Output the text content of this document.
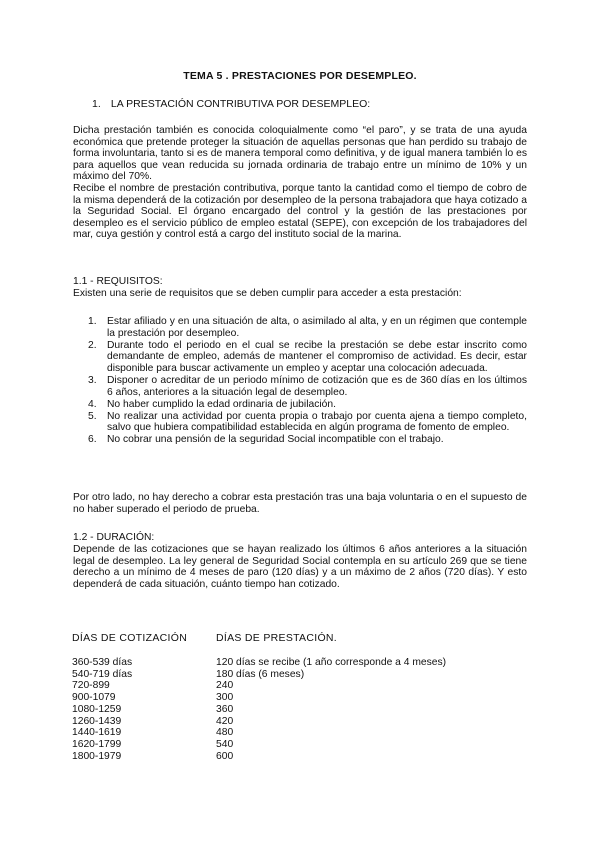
TEMA 5 . PRESTACIONES POR DESEMPLEO.
1. LA PRESTACIÓN CONTRIBUTIVA POR DESEMPLEO:

Dicha prestación también es conocida coloquialmente como “el paro”, y se trata de una ayuda económica que pretende proteger la situación de aquellas personas que han perdido su trabajo de forma involuntaria, tanto si es de manera temporal como definitiva, y de igual manera también lo es para aquellos que vean reducida su jornada ordinaria de trabajo entre un mínimo de 10% y un máximo del 70%.

Recibe el nombre de prestación contributiva, porque tanto la cantidad como el tiempo de cobro de la misma dependerá de la cotización por desempleo de la persona trabajadora que haya cotizado a la Seguridad Social. El órgano encargado del control y la gestión de las prestaciones por desempleo es el servicio público de empleo estatal (SEPE), con excepción de los trabajadores del mar, cuya gestión y control está a cargo del instituto social de la marina.

1.1 - REQUISITOS:

Existen una serie de requisitos que se deben cumplir para acceder a esta prestación:

1. Estar afiliado y en una situación de alta, o asimilado al alta, y en un régimen que contemple la prestación por desempleo.
2. Durante todo el periodo en el cual se recibe la prestación se debe estar inscrito como demandante de empleo, además de mantener el compromiso de actividad. Es decir, estar disponible para buscar activamente un empleo y aceptar una colocación adecuada.
3. Disponer o acreditar de un periodo mínimo de cotización que es de 360 días en los últimos 6 años, anteriores a la situación legal de desempleo.
4. No haber cumplido la edad ordinaria de jubilación.
5. No realizar una actividad por cuenta propia o trabajo por cuenta ajena a tiempo completo, salvo que hubiera compatibilidad establecida en algún programa de fomento de empleo.
6. No cobrar una pensión de la seguridad Social incompatible con el trabajo.

Por otro lado, no hay derecho a cobrar esta prestación tras una baja voluntaria o en el supuesto de no haber superado el periodo de prueba.

1.2 - DURACIÓN:

Depende de las cotizaciones que se hayan realizado los últimos 6 años anteriores a la situación legal de desempleo. La ley general de Seguridad Social contempla en su artículo 269 que se tiene derecho a un mínimo de 4 meses de paro (120 días) y a un máximo de 2 años (720 días). Y esto dependerá de cada situación, cuánto tiempo han cotizado.

DÍAS DE COTIZACIÓN	DÍAS DE PRESTACIÓN.
360-539 días	120 días se recibe (1 año corresponde a 4 meses)
540-719 días	180 días (6 meses)
720-899	240
900-1079	300
1080-1259	360
1260-1439	420
1440-1619	480
1620-1799	540
1800-1979	600
